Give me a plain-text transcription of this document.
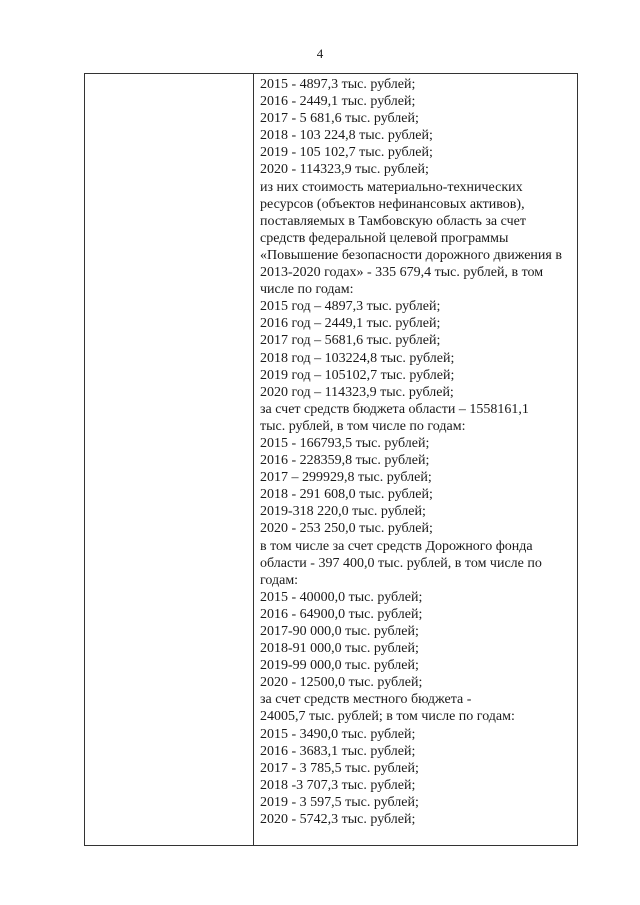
4
2015 - 4897,3 тыс. рублей;
2016 - 2449,1 тыс. рублей;
2017 - 5 681,6 тыс. рублей;
2018 - 103 224,8 тыс. рублей;
2019 - 105 102,7 тыс. рублей;
2020 - 114323,9 тыс. рублей;
из них стоимость материально-технических
ресурсов (объектов нефинансовых активов),
поставляемых в Тамбовскую область за счет
средств федеральной целевой программы
«Повышение безопасности дорожного движения в
2013-2020 годах» - 335 679,4 тыс. рублей, в том
числе по годам:
2015 год – 4897,3 тыс. рублей;
2016 год – 2449,1 тыс. рублей;
2017 год – 5681,6 тыс. рублей;
2018 год – 103224,8 тыс. рублей;
2019 год – 105102,7 тыс. рублей;
2020 год – 114323,9 тыс. рублей;
за счет средств бюджета области – 1558161,1
тыс. рублей, в том числе по годам:
2015 - 166793,5 тыс. рублей;
2016 - 228359,8 тыс. рублей;
2017 – 299929,8 тыс. рублей;
2018 - 291 608,0 тыс. рублей;
2019-318 220,0 тыс. рублей;
2020 - 253 250,0 тыс. рублей;
в том числе за счет средств Дорожного фонда
области - 397 400,0 тыс. рублей, в том числе по
годам:
2015 - 40000,0 тыс. рублей;
2016 - 64900,0 тыс. рублей;
2017-90 000,0 тыс. рублей;
2018-91 000,0 тыс. рублей;
2019-99 000,0 тыс. рублей;
2020 - 12500,0 тыс. рублей;
за счет средств местного бюджета -
24005,7 тыс. рублей; в том числе по годам:
2015 - 3490,0 тыс. рублей;
2016 - 3683,1 тыс. рублей;
2017 - 3 785,5 тыс. рублей;
2018 -3 707,3 тыс. рублей;
2019 - 3 597,5 тыс. рублей;
2020 - 5742,3 тыс. рублей;
